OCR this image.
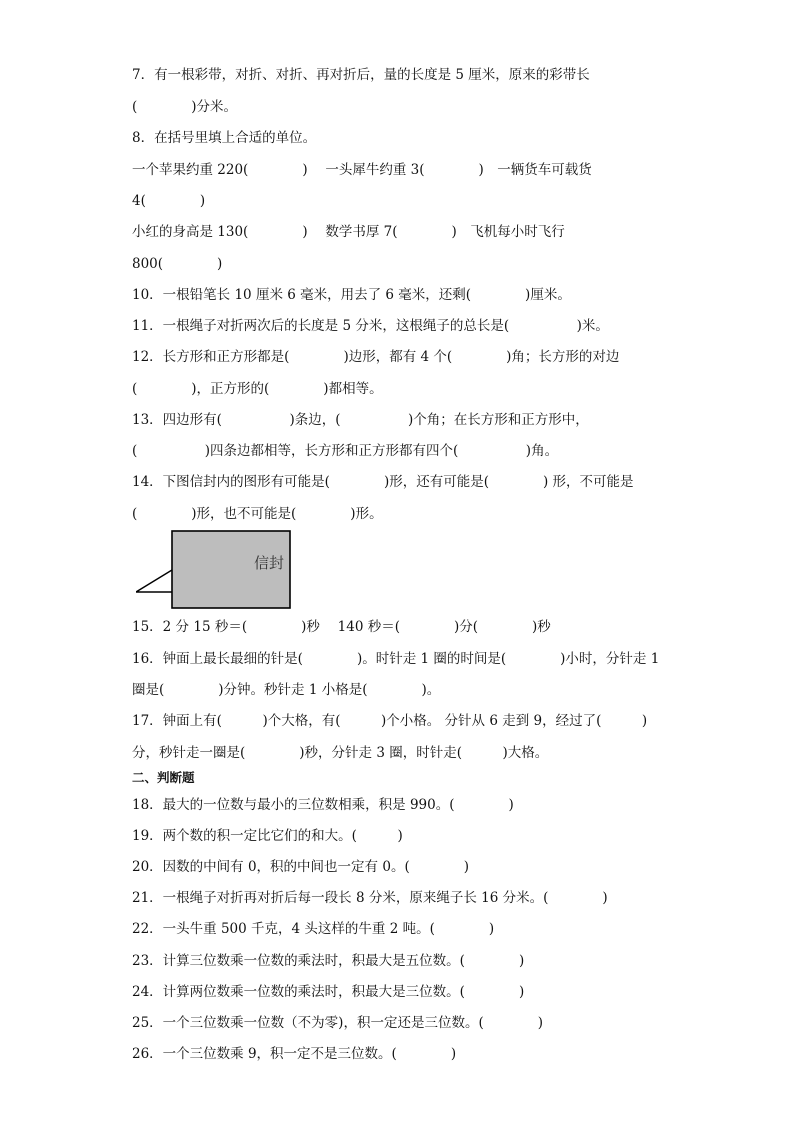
7．有一根彩带，对折、对折、再对折后，量的长度是 5 厘米，原来的彩带长
(　　　　)分米。
8．在括号里填上合适的单位。
一个苹果约重 220(　　　　)　 一头犀牛约重 3(　　　　)　一辆货车可载货
4(　　　　)
小红的身高是 130(　　　　)　 数学书厚 7(　　　　)　飞机每小时飞行
800(　　　　)
10．一根铅笔长 10 厘米 6 毫米，用去了 6 毫米，还剩(　　　　)厘米。
11．一根绳子对折两次后的长度是 5 分米，这根绳子的总长是(　　　　　)米。
12．长方形和正方形都是(　　　　)边形，都有 4 个(　　　　)角；长方形的对边
(　　　　)，正方形的(　　　　)都相等。
13．四边形有(　　　　　)条边，(　　　　　)个角；在长方形和正方形中，
(　　　　　)四条边都相等，长方形和正方形都有四个(　　　　　)角。
14．下图信封内的图形有可能是(　　　　)形，还有可能是(　　　　) 形，不可能是
(　　　　)形，也不可能是(　　　　)形。
信封
15．2 分 15 秒＝(　　　　)秒　 140 秒＝(　　　　)分(　　　　)秒
16．钟面上最长最细的针是(　　　　)。时针走 1 圈的时间是(　　　　)小时，分针走 1
圈是(　　　　)分钟。秒针走 1 小格是(　　　　)。
17．钟面上有(　　　)个大格，有(　　　)个小格。 分针从 6 走到 9，经过了(　　　)
分，秒针走一圈是(　　　　)秒，分针走 3 圈，时针走(　　　)大格。
二、判断题
18．最大的一位数与最小的三位数相乘，积是 990。(　　　　)
19．两个数的积一定比它们的和大。(　　　)
20．因数的中间有 0，积的中间也一定有 0。(　　　　)
21．一根绳子对折再对折后每一段长 8 分米，原来绳子长 16 分米。(　　　　)
22．一头牛重 500 千克，4 头这样的牛重 2 吨。(　　　　)
23．计算三位数乘一位数的乘法时，积最大是五位数。(　　　　)
24．计算两位数乘一位数的乘法时，积最大是三位数。(　　　　)
25．一个三位数乘一位数（不为零)，积一定还是三位数。(　　　　)
26．一个三位数乘 9，积一定不是三位数。(　　　　)
